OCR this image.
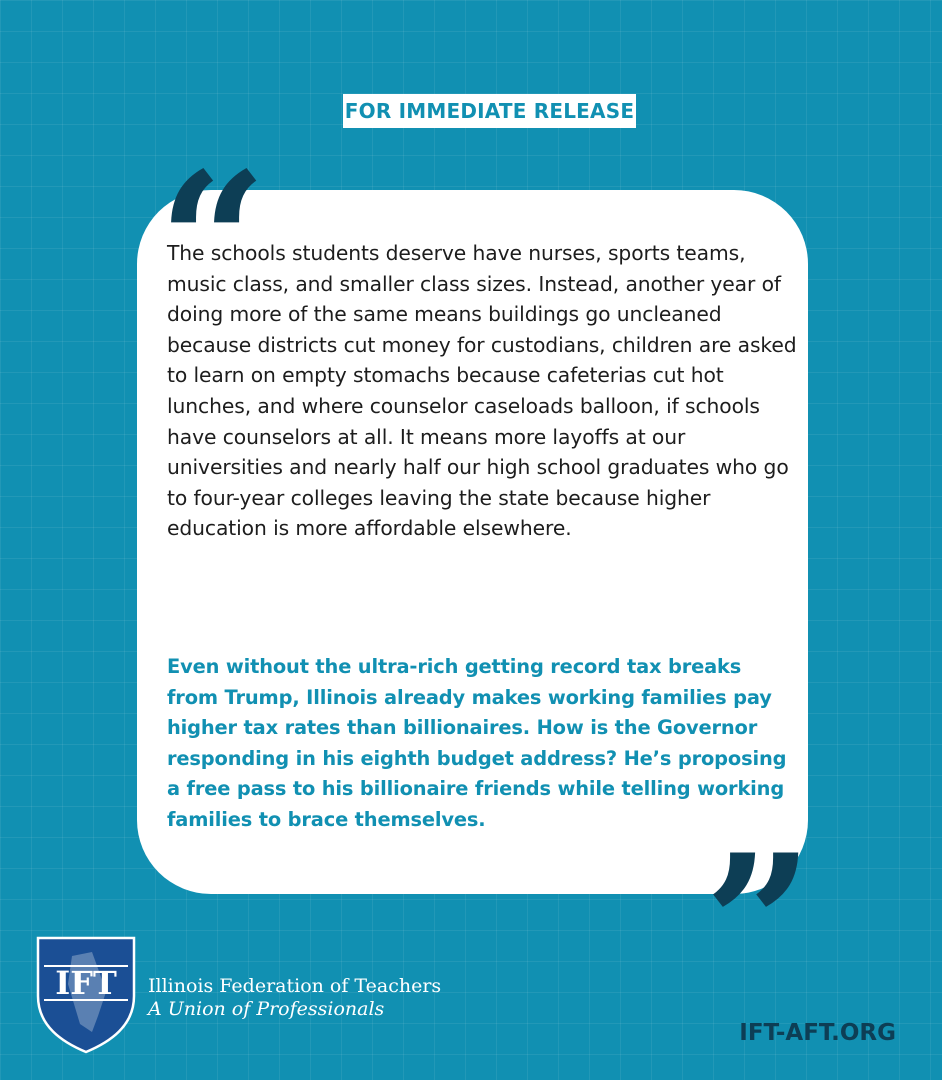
FOR IMMEDIATE RELEASE
“

The schools students deserve have nurses, sports teams, music class, and smaller class sizes. Instead, another year of doing more of the same means buildings go uncleaned because districts cut money for custodians, children are asked to learn on empty stomachs because cafeterias cut hot lunches, and where counselor caseloads balloon, if schools have counselors at all. It means more layoffs at our universities and nearly half our high school graduates who go to four-year colleges leaving the state because higher education is more affordable elsewhere.

Even without the ultra-rich getting record tax breaks from Trump, Illinois already makes working families pay higher tax rates than billionaires. How is the Governor responding in his eighth budget address? He’s proposing a free pass to his billionaire friends while telling working families to brace themselves.	”
IFT Illinois Federation of Teachers
A Union of Professionals
IFT-AFT.ORG
